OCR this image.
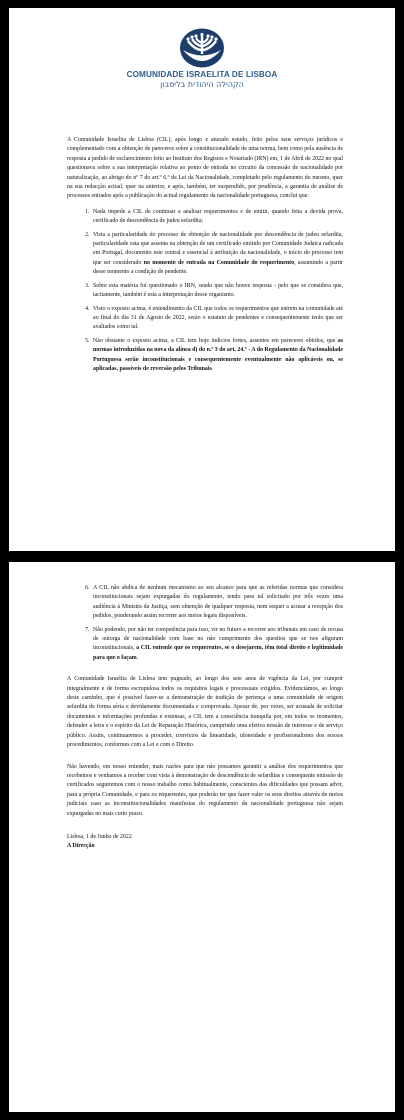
COMUNIDADE ISRAELITA DE LISBOA
הקהילה היהודית בליסבון

A Comunidade Israelita de Lisboa (CIL), após longo e aturado estudo, feito pelos seus serviços jurídicos e complementado com a obtenção de pareceres sobre a constitucionalidade de uma norma, bem como pela ausência de resposta a pedido de esclarecimento feito ao Instituto dos Registos e Notariado (IRN) em, 1 de Abril de 2022 no qual questionava sobre a sua interpretação relativa ao ponto de entrada no circuito da concessão de nacionalidade por naturalização, ao abrigo do nº 7 do art.º 6.º da Lei da Nacionalidade, completado pelo regulamento do mesmo, quer na sua redacção actual, quer na anterior, e após, também, ter suspendido, por prudência, a garantia de análise de processos entrados após a publicação do actual regulamento da nacionalidade portuguesa, conclui que:

1. Nada impede a CIL de continuar a analisar requerimentos e de emitir, quando feita a devida prova, certificado de descendência de judeu sefardita;
2. Vista a particularidade do processo de obtenção de nacionalidade por descendência de judeu sefardita, particularidade esta que assenta na obtenção de um certificado emitido por Comunidade Judaica radicada em Portugal, documento este central e essencial à atribuição da nacionalidade, o início do processo tem que ser considerado no momento de entrada na Comunidade do requerimento, assumindo a partir desse momento a condição de pendente.
3. Sobre esta matéria foi questionado o IRN, sendo que não houve resposta - pelo que se considera que, tacitamente, também é esta a interpretação desse organismo.
4. Visto o exposto acima, é entendimento da CIL que todos os requerimentos que entrem na comunidade até ao final do dia 31 de Agosto de 2022, serão o estatuto de pendentes e consequentemente terão que ser avaliados como tal.
5. Não obstante o exposto acima, a CIL tem hoje indícios fortes, assentes em pareceres obtidos, que as normas introduzidas na nova da alínea d) do n.º 3 do art. 24.º - A do Regulamento da Nacionalidade Portuguesa serão inconstitucionais e consequentemente eventualmente não aplicáveis ou, se aplicadas, passíveis de reversão pelos Tribunais.
6. A CIL não abdica de nenhum mecanismo ao seu alcance para que as referidas normas que considera inconstitucionais sejam expurgadas do regulamento, tendo para tal solicitado por três vezes uma audiência à Ministra da Justiça, sem obtenção de qualquer resposta, nem sequer a acusar a recepção dos pedidos, ponderando assim recorrer aos meios legais disponíveis.
7. Não podendo, por não ter competência para isso, vir no futuro a recorrer aos tribunais em caso de recusa de outorga de nacionalidade com base no não cumprimento dos quesitos que se nos afiguram inconstitucionais, a CIL entende que os requerentes, se o desejarem, têm total direito e legitimidade para que o façam.

A Comunidade Israelita de Lisboa tem pugnado, ao longo dos sete anos de vigência da Lei, por cumprir integralmente e de forma escrupulosa todos os requisitos legais e processuais exigidos. Evidenciámos, ao longo deste caminho, que é possível fazer-se a demonstração de tradição de pertença a uma comunidade de origem sefardita de forma séria e devidamente documentada e comprovada. Apesar de, por vezes, ser acusada de solicitar documentos e informações profundas e extensas, a CIL tem a consciência tranquila por, em todos os momentos, defender a letra e o espírito da Lei de Reparação Histórica, cumprindo uma efetiva missão de interesse e de serviço público. Assim, continuaremos a proceder, convictos da linearidade, idoneidade e profissionalismo dos nossos procedimentos, conformes com a Lei e com o Direito.

Não havendo, em nosso entender, mais razões para que não possamos garantir a análise dos requerimentos que recebemos e venhamos a receber com vista à demonstração de descendência de sefarditas e consequente emissão de certificados seguiremos com o nosso trabalho como habitualmente, conscientes das dificuldades que possam advir, para a própria Comunidade, e para os requerentes, que poderão ter que fazer valer os seus direitos através de meios judiciais caso as inconstitucionalidades manifestas do regulamento da nacionalidade portuguesa não sejam expurgadas no mais curto prazo.

Lisboa, 1 de Junho de 2022
A Direcção
